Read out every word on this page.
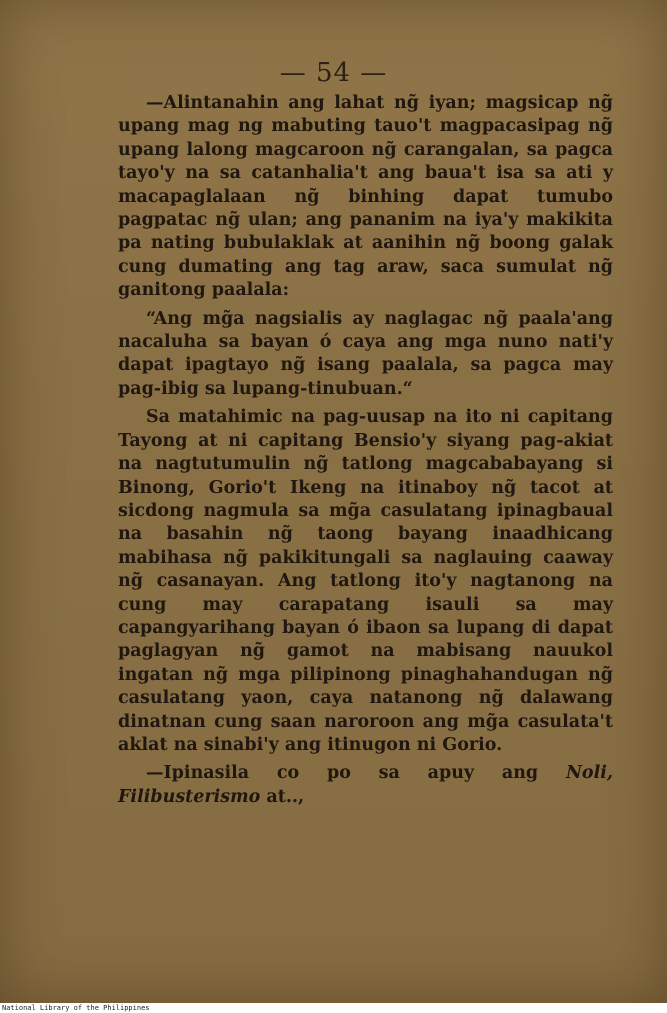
— 54 —

—Alintanahin ang lahat ng̃ iyan; magsicap ng̃ upang mag ng mabuting tauo't magpacasipag ng̃ upang lalong magcaroon ng̃ carangalan, sa pagca tayo'y na sa catanhalia't ang baua't isa sa ati y macapaglalaan ng̃ binhing dapat tumubo pagpatac ng̃ ulan; ang pananim na iya'y makikita pa nating bubulaklak at aanihin ng̃ boong galak cung dumating ang tag araw, saca sumulat ng̃ ganitong paalala:

“Ang mg̃a nagsialis ay naglagac ng̃ paala'ang nacaluha sa bayan ó caya ang mga nuno nati'y dapat ipagtayo ng̃ isang paalala, sa pagca may pag-ibig sa lupang-tinubuan.“

Sa matahimic na pag-uusap na ito ni capitang Tayong at ni capitang Bensio'y siyang pag-akiat na nagtutumulin ng̃ tatlong magcababayang si Binong, Gorio't Ikeng na itinaboy ng̃ tacot at sicdong nagmula sa mg̃a casulatang ipinagbaual na basahin ng̃ taong bayang inaadhicang mabihasa ng̃ pakikitungali sa naglauing caaway ng̃ casanayan. Ang tatlong ito'y nagtanong na cung may carapatang isauli sa may capangyarihang bayan ó ibaon sa lupang di dapat paglagyan ng̃ gamot na mabisang nauukol ingatan ng̃ mga pilipinong pinaghahandugan ng̃ casulatang yaon, caya natanong ng̃ dalawang dinatnan cung saan naroroon ang mg̃a casulata't aklat na sinabi'y ang itinugon ni Gorio.

—Ipinasila co po sa apuy ang Noli, Filibusterismo at..,

National Library of the Philippines
